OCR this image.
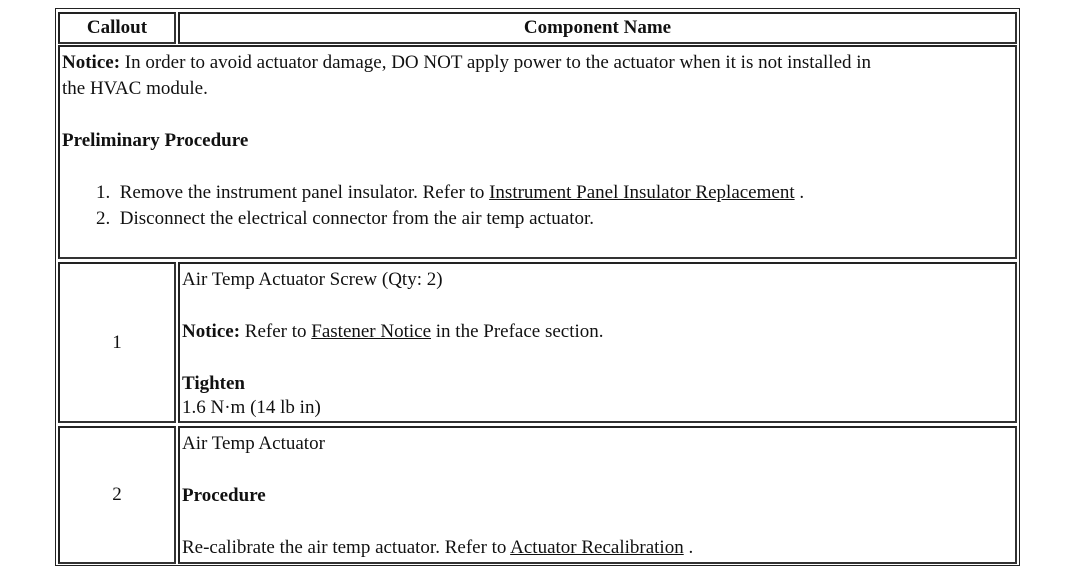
Callout	Component Name
Notice: In order to avoid actuator damage, DO NOT apply power to the actuator when it is not installed in
the HVAC module.
Preliminary Procedure
1. Remove the instrument panel insulator. Refer to Instrument Panel Insulator Replacement .
2. Disconnect the electrical connector from the air temp actuator.
1
Air Temp Actuator Screw (Qty: 2)
Notice: Refer to Fastener Notice in the Preface section.
Tighten
1.6 N·m (14 lb in)
2
Air Temp Actuator
Procedure
Re-calibrate the air temp actuator. Refer to Actuator Recalibration .
